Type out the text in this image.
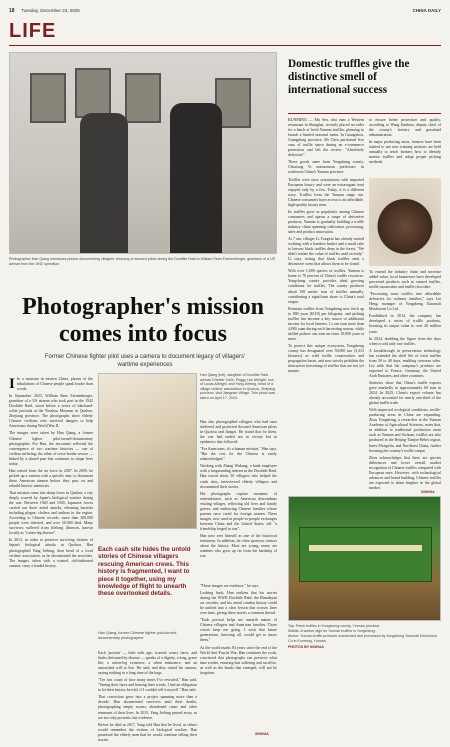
18 Tuesday, December 23, 2025	CHINA DAILY
LIFE
Photographer Han Qiang introduces photos documenting villagers' rescuing of downed pilots during the Doolittle Raid to William Rees Farmenberger, grandson of a US airman from the 1942 operation.
Photographer's mission comes into focus
Former Chinese fighter pilot uses a camera to document legacy of villagers' wartime experiences

I In a museum in eastern China, photos of the tribulations of Chinese people speak louder than words.

In September 2023, William Rees Farmenberger, grandson of a US airman who took part in the 1942 Doolittle Raid, stood before a series of blackand-white portraits at the Yinzhou Museum in Quzhou, Zhejiang province. The photographs show elderly Chinese civilians who survived dangers to help Americans during World War II.

The images were taken by Han Qiang, a former Chinese fighter pilot-turned-documentary photographer. For Han, the encounter reflected the convergence of two wartime histories — one of civilian suffering, the other of cross-border rescue — linked by a shared past that continues to shape lives today.

Han retired from the air force in 2007. In 2009, he picked up a camera with a specific aim: to document these American airmen before they pass on and rebuild historic memories.

That mission came into sharp focus in Quzhou, a city deeply scarred by Japan's biological warfare during the war. Between 1940 and 1945, Japanese forces carried out three aerial attacks, releasing bacteria including plague, cholera and anthrax in the region. According to Chinese records, more than 300,000 people were infected, and over 50,000 died. Many survivors suffered from lifelong illnesses, known locally as "rotten-leg disease".

In 2013, in order to preserve surviving victims of Japan's biological attacks in Quzhou, Han photographed Yang Jiebing, then head of a local victims' association, as he documented the atrocities. The images, taken with a trusted, old-fashioned camera, carry a loaded history.

Han Qiang (left), daughter of Doolittle Raid airman Chester Colin, Peggy Lee Albright, son of Lucas Albright, and Yang Jiebing, head of a village victims' association in Quzhou, Zhejiang province, visit Jiangnan Village. This photo was taken on April 17, 2024.
Each cash site hides the untold stories of Chinese villagers rescuing American crews. This history is fragmented, I want to piece it together, using my knowledge of flight to unearth these overlooked details.
Han Qiang, former Chinese fighter pilot-turned-documentary photographer

Each 'portrait' — both with age, scarred, weary faces, and limbs deformed by disease — speaks of a dignity, a long, grave life, a rotten-leg existence, a silent endurance, and an untouched will to live. He said, and they raised his camera, saying nothing in a long time of the bags.

"I've lost count of how many times I've revisited," Han said. "Seeing their faces and hearing their words, I had an obligation to let their history be told, if I couldn't tell it myself." Han said.

That conviction grew into a project spanning more than a decade. Han documented survivors until their deaths, photographing empty rooms, abandoned canes and other remnants of their lives. In 2015, Yang Jiebing passed away, as are not only portraits, but evidence.

Before he died in 2017, Yang told Han that he lived, as others would remember the victims of biological warfare. Han promised the elderly man that he would continue telling their stories.

Han also photographed villagers who had once sheltered and protected downed American pilots in Quzhou and Jiangxi. He found that for them, the war had ended not in victory but in epidemics that followed.

"For Americans, it's a human mission," Han says. "But the cost for the Chinese is rarely acknowledged."

Working with Zhang Wukang, a bank employee with a longstanding interest in the Doolittle Raid, Han traced about 50 villagers who helped the crash sites, interviewed elderly villagers and documented their stories.

His photographs capture moments of remembrance, such as American descendants visiting villages, reflecting old lives and family graves, and embracing Chinese families whose parents once cared for foreign airmen. These images, now used in people-to-people exchanges between China and the United States, tell "a friendship forged in war".

Han now sees himself as one of the historical testimony. In addition, he often sponsors visitors about the history. Most are young, many are students who grew up far from the hardship of war.

"These images are evidence," he says.

Looking back, Han realizes that his stories during the WWII Doolittle Raid, the Himalayan air corridor, and his aerial combat history could be unified into a clear lesson that crosses lines over time, giving these stories a common thread.

"Each portrait helps me unearth names of Chinese villagers and American families. Those voices keep me going. I wish that future generations, knowing all, would get to know them."

As the world marks 84 years since the end of the World Anti-Fascist War, Han continues the work, convinced that photographs can preserve what time erodes, ensuring that suffering and sacrifice, as well as the bonds that emerged, will not be forgotten.

XINHUA
Domestic truffles give the distinctive smell of international success

KUNMING — Mu Sen, who runs a Western restaurant in Shanghai, recently placed an order for a batch of fresh Yunnan truffles, planning to launch a limited seasonal menu. In Guangzhou, Guangdong province, Mr Chen purchased five cans of truffle sauce during an e-commerce promotion and left the review: "Absolutely delicious!"

These goods came from Yongsheng county. Chuxiong Yi autonomous prefecture, in southwest China's Yunnan province.

Truffles were once synonymous with imported European luxury and were an extravagant treat enjoyed only by a few. Today, it is a different story. Truffles from the Yunnan range run. Chinese consumers have access to an affordable, high-quality luxury item.

Its truffles grow in popularity among Chinese consumers and spawn a range of derivative products, Yunnan is gradually building a truffle industry chain spanning cultivation, processing, sales and product innovation.

At 7 am, villager Li Yongxin has already started working with a bamboo basket and a small rake to harvest black truffles deep in the forest. "We didn't realize the value of truffles until recently," Li says, noting that black truffles emit a distinctive scent that allows them to be found.

With over 1,000 species of truffles, Yunnan is home to 70 percent of China's truffle resources. Yongsheng county provides ideal growing conditions for truffles. The county produces about 100 metric tons of truffles annually, contributing a significant share to China's total output.

Premium truffles from Yongsheng now fetch up to 800 yuan ($110) per kilogram, and picking truffles has become a key source of additional income for local farmers. Li can earn more than 4,000 yuan during each harvesting season, while skilled pickers can earn an extra 10,000 yuan or more.

To protect this unique ecosystem, Yongsheng county has designated over 50,000 mu (3,333 hectares) as wild truffle conservation and propagation bases, and now strictly prohibits the destructive harvesting of truffles that are not yet mature.

to ensure better protection and quality, according to Wang Jianbiao, deputy chief of the county's forestry and grassland administration.

In major producing areas, farmers have been trained to use new training sessions are held annually to teach farmers how to identify mature truffles and adopt proper picking methods.

To extend the industry chain and increase added value, local businesses have developed processed products such as canned truffles, truffle mooncakes and truffle chocolate.

"Processing turns truffles into affordable delicacies for ordinary families," says Liu Heng, manager of Yongsheng Xiaomali Mushroom Co Ltd.

Established in 2014, the company has developed a series of truffle products, boosting its output value to over 40 million yuan.

In 2024, doubling the figure from the days when it sold only raw truffles.

A breakthrough in preservation technology has extended the shelf life of fresh truffles from 30 to 40 days, enabling overseas sales. Liu adds that the company's products are exported to France, Germany, the United Arab Emirates, and other countries.

Statistics show that China's truffle exports grew markedly in approximately 60 tons in 2024. In 2025, China's export volume has already accounted for nearly one-third of the global truffle trade.

With improved ecological conditions, truffle-producing areas in China are expanding. Zhou Yongsheng, a researcher at the Yunnan Academy of Agricultural Sciences, notes that, in addition to traditional production areas such as Yunnan and Sichuan, truffles are also produced in the Beijing-Tianjin-Hebei region, Inner Mongolia, and Northeast China, further boosting the country's truffle output.

Zhou acknowledges that there are species differences and lower overall market recognition of Chinese truffles compared with European ones. However, with technological advances and brand building, Chinese truffles are expected to shine brighter in the global market.

XINHUA
Top: Fresh truffles in Yongsheng county, Yunnan province.
Middle: A worker digs for Yunnan truffles in Yongsheng.
Above: Yunnan truffle products researched and processed by Yongsheng Xiaomali Mushroom Co in Kunming, Yunnan.
PHOTOS BY XINHUA
